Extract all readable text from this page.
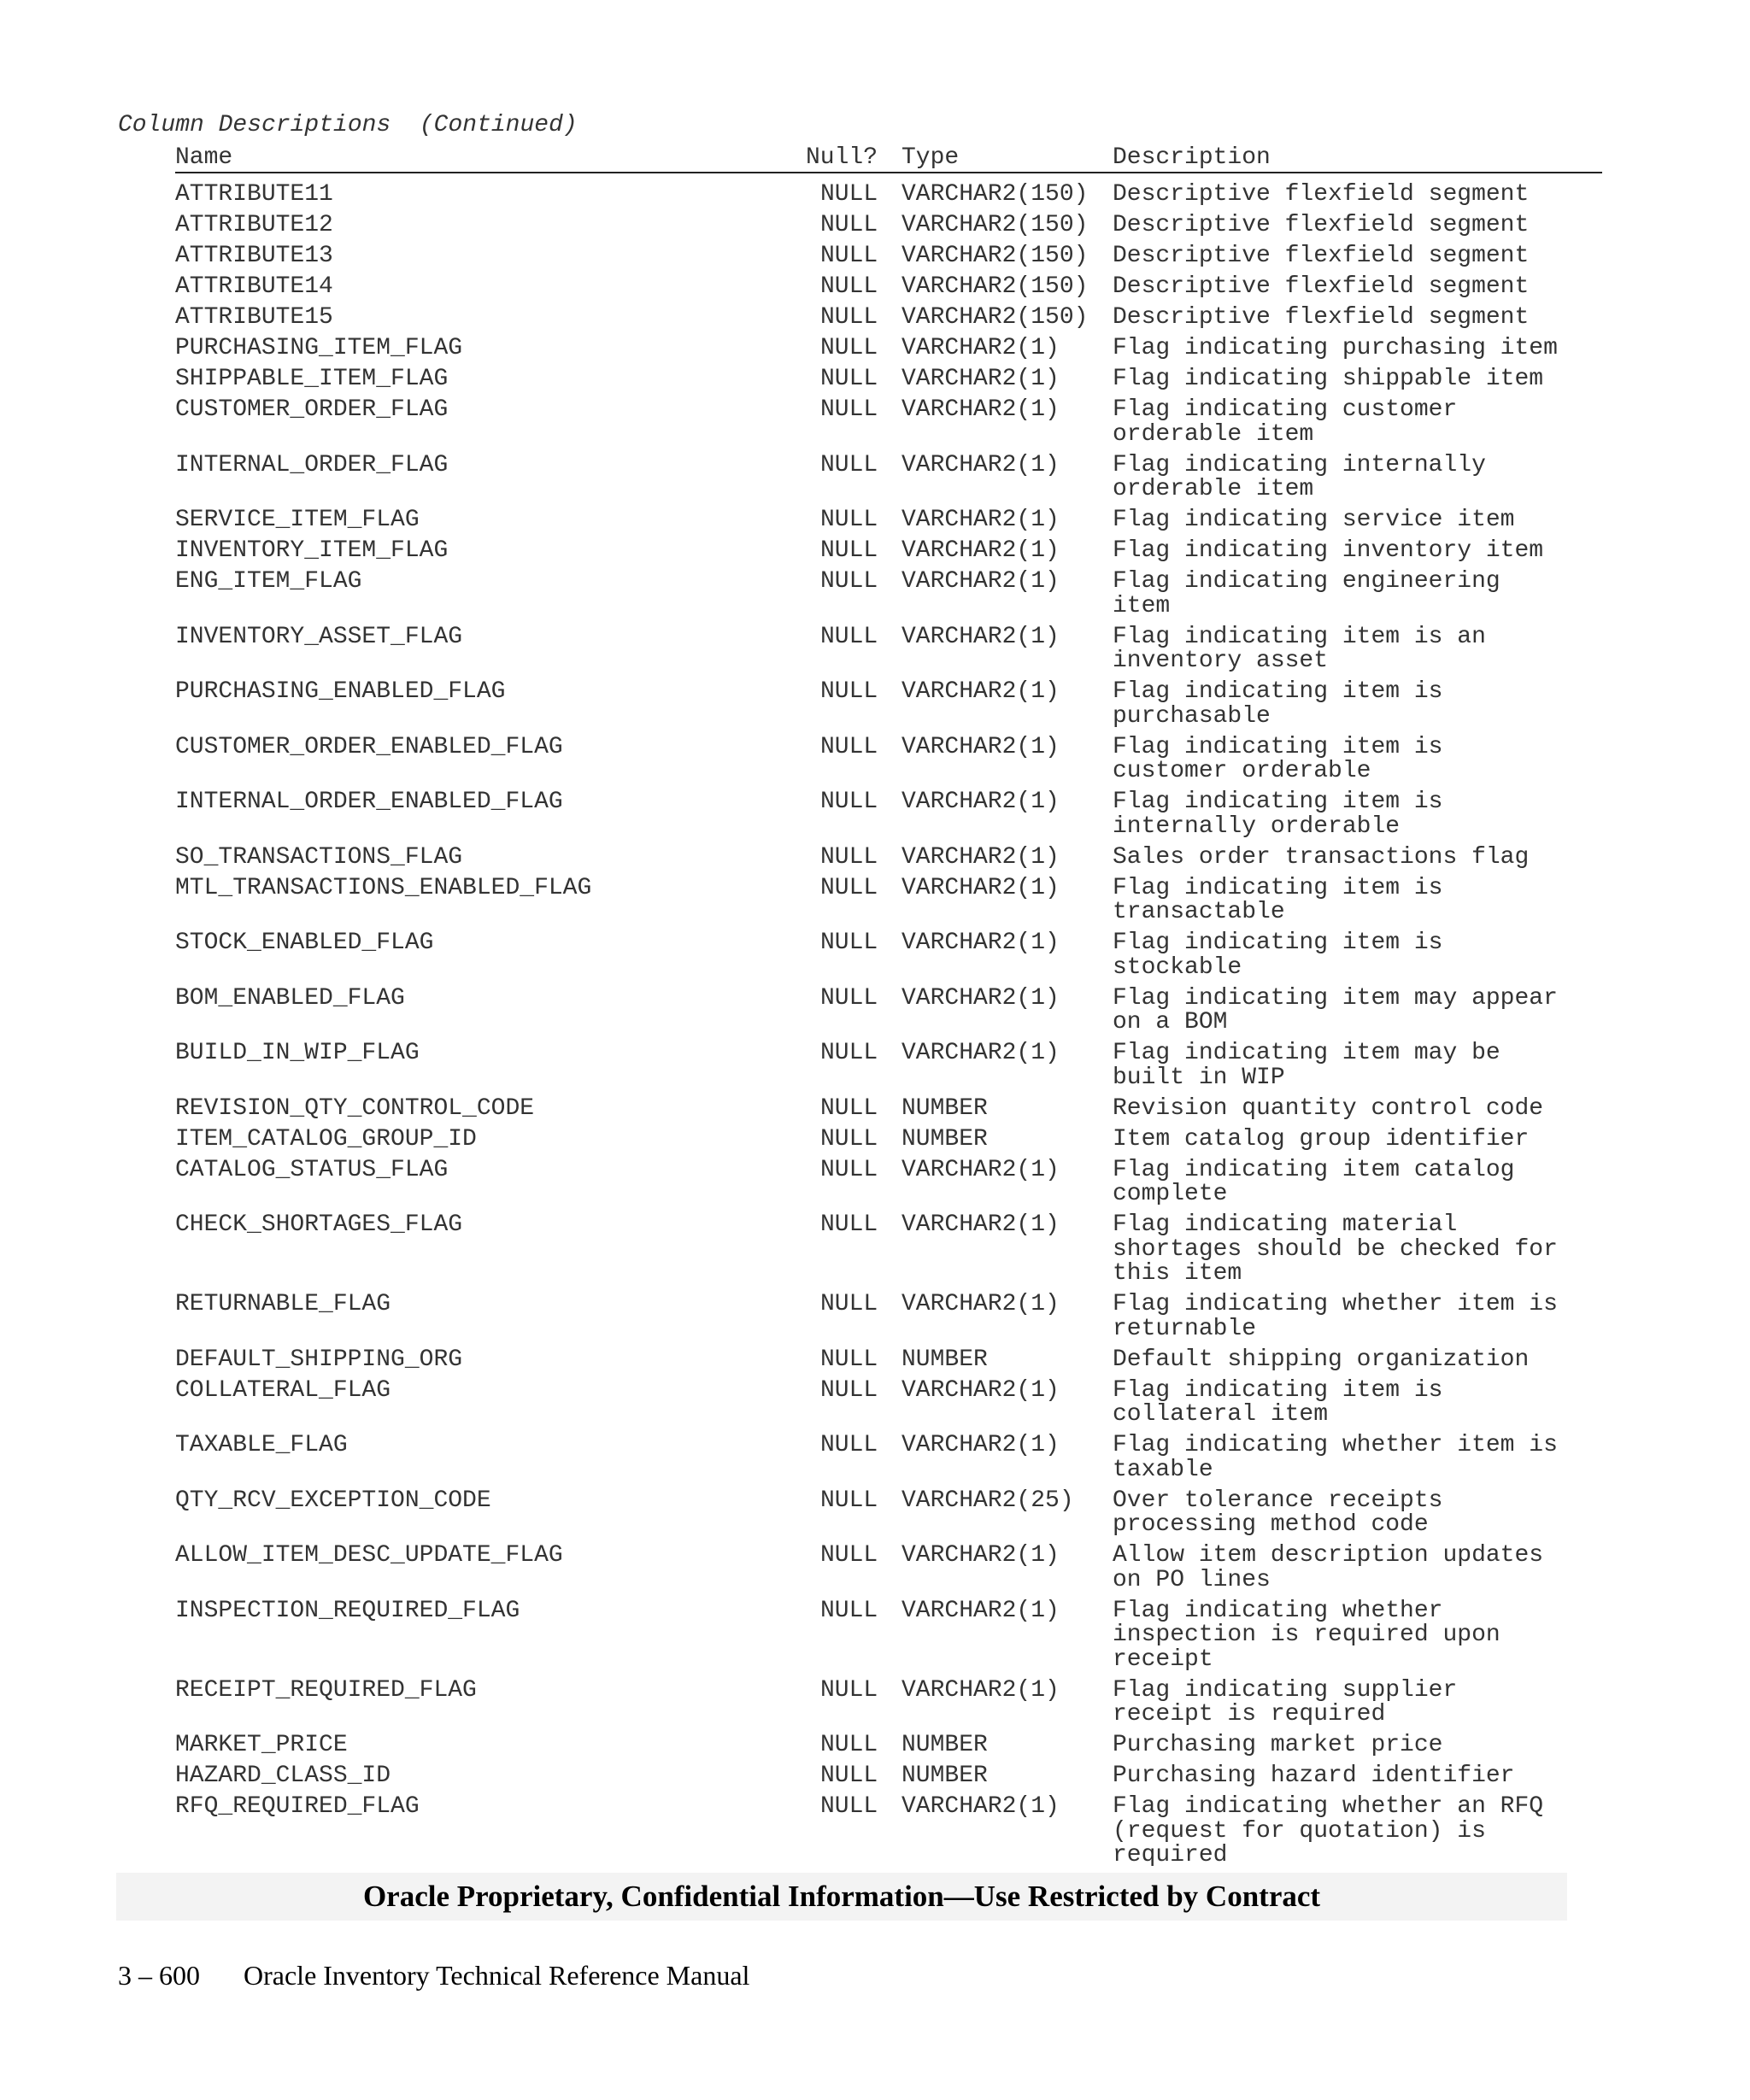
Column Descriptions  (Continued)
Name	Null? Type	Description
ATTRIBUTE11	NULL VARCHAR2(150) Descriptive flexfield segment
ATTRIBUTE12	NULL VARCHAR2(150) Descriptive flexfield segment
ATTRIBUTE13	NULL VARCHAR2(150) Descriptive flexfield segment
ATTRIBUTE14	NULL VARCHAR2(150) Descriptive flexfield segment
ATTRIBUTE15	NULL VARCHAR2(150) Descriptive flexfield segment
PURCHASING_ITEM_FLAG	NULL VARCHAR2(1) Flag indicating purchasing item
SHIPPABLE_ITEM_FLAG	NULL VARCHAR2(1) Flag indicating shippable item
CUSTOMER_ORDER_FLAG	NULL VARCHAR2(1) Flag indicating customer
orderable item
INTERNAL_ORDER_FLAG	NULL VARCHAR2(1) Flag indicating internally
orderable item
SERVICE_ITEM_FLAG	NULL VARCHAR2(1) Flag indicating service item
INVENTORY_ITEM_FLAG	NULL VARCHAR2(1) Flag indicating inventory item
ENG_ITEM_FLAG	NULL VARCHAR2(1) Flag indicating engineering
item
INVENTORY_ASSET_FLAG	NULL VARCHAR2(1) Flag indicating item is an
inventory asset
PURCHASING_ENABLED_FLAG	NULL VARCHAR2(1) Flag indicating item is
purchasable
CUSTOMER_ORDER_ENABLED_FLAG	NULL VARCHAR2(1) Flag indicating item is
customer orderable
INTERNAL_ORDER_ENABLED_FLAG	NULL VARCHAR2(1) Flag indicating item is
internally orderable
SO_TRANSACTIONS_FLAG	NULL VARCHAR2(1) Sales order transactions flag
MTL_TRANSACTIONS_ENABLED_FLAG	NULL VARCHAR2(1) Flag indicating item is
transactable
STOCK_ENABLED_FLAG	NULL VARCHAR2(1) Flag indicating item is
stockable
BOM_ENABLED_FLAG	NULL VARCHAR2(1) Flag indicating item may appear
on a BOM
BUILD_IN_WIP_FLAG	NULL VARCHAR2(1) Flag indicating item may be
built in WIP
REVISION_QTY_CONTROL_CODE	NULL NUMBER	Revision quantity control code
ITEM_CATALOG_GROUP_ID	NULL NUMBER	Item catalog group identifier
CATALOG_STATUS_FLAG	NULL VARCHAR2(1) Flag indicating item catalog
complete
CHECK_SHORTAGES_FLAG	NULL VARCHAR2(1) Flag indicating material
shortages should be checked for
this item
RETURNABLE_FLAG	NULL VARCHAR2(1) Flag indicating whether item is
returnable
DEFAULT_SHIPPING_ORG	NULL NUMBER	Default shipping organization
COLLATERAL_FLAG	NULL VARCHAR2(1) Flag indicating item is
collateral item
TAXABLE_FLAG	NULL VARCHAR2(1) Flag indicating whether item is
taxable
QTY_RCV_EXCEPTION_CODE	NULL VARCHAR2(25) Over tolerance receipts
processing method code
ALLOW_ITEM_DESC_UPDATE_FLAG	NULL VARCHAR2(1) Allow item description updates
on PO lines
INSPECTION_REQUIRED_FLAG	NULL VARCHAR2(1) Flag indicating whether
inspection is required upon
receipt
RECEIPT_REQUIRED_FLAG	NULL VARCHAR2(1) Flag indicating supplier
receipt is required
MARKET_PRICE	NULL NUMBER	Purchasing market price
HAZARD_CLASS_ID	NULL NUMBER	Purchasing hazard identifier
RFQ_REQUIRED_FLAG	NULL VARCHAR2(1) Flag indicating whether an RFQ
(request for quotation) is
required
Oracle Proprietary, Confidential Information––Use Restricted by Contract
3 – 600 Oracle Inventory Technical Reference Manual
